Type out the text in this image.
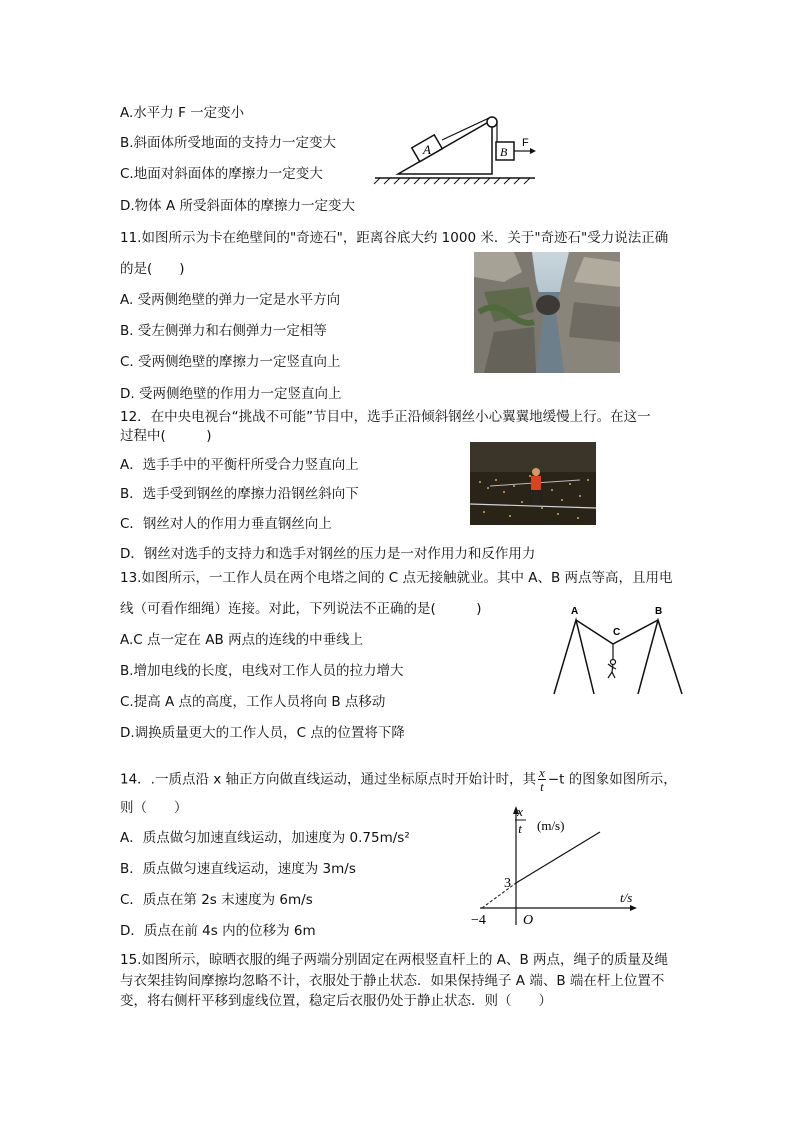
A.水平力 F 一定变小
B.斜面体所受地面的支持力一定变大
C.地面对斜面体的摩擦力一定变大
D.物体 A 所受斜面体的摩擦力一定变大
A	B
F
11.如图所示为卡在绝壁间的"奇迹石"，距离谷底大约 1000 米．关于"奇迹石"受力说法正确
的是(　　)
A. 受两侧绝壁的弹力一定是水平方向
B. 受左侧弹力和右侧弹力一定相等
C. 受两侧绝壁的摩擦力一定竖直向上
D. 受两侧绝壁的作用力一定竖直向上
12．在中央电视台“挑战不可能”节目中，选手正沿倾斜钢丝小心翼翼地缓慢上行。在这一
过程中(　　　)
A．选手手中的平衡杆所受合力竖直向上
B．选手受到钢丝的摩擦力沿钢丝斜向下
C．钢丝对人的作用力垂直钢丝向上
D．钢丝对选手的支持力和选手对钢丝的压力是一对作用力和反作用力
13.如图所示，一工作人员在两个电塔之间的 C 点无接触就业。其中 A、B 两点等高，且用电
线（可看作细绳）连接。对此，下列说法不正确的是(　　　)
A.C 点一定在 AB 两点的连线的中垂线上
B.增加电线的长度，电线对工作人员的拉力增大
C.提高 A 点的高度，工作人员将向 B 点移动
D.调换质量更大的工作人员，C 点的位置将下降
A	B
C
14．.一质点沿 x 轴正方向做直线运动，通过坐标原点时开始计时，其 $\frac{x}{t} -t$ 的图象如图所示，
则（　　）
A．质点做匀加速直线运动，加速度为 0.75m/s²
B．质点做匀速直线运动，速度为 3m/s
C．质点在第 2s 末速度为 6m/s
D．质点在前 4s 内的位移为 6m
x
t (m/s)
t/s
O
3
−4
15.如图所示，晾晒衣服的绳子两端分别固定在两根竖直杆上的 A、B 两点，绳子的质量及绳
与衣架挂钩间摩擦均忽略不计，衣服处于静止状态．如果保持绳子 A 端、B 端在杆上位置不
变，将右侧杆平移到虚线位置，稳定后衣服仍处于静止状态．则（　　）
